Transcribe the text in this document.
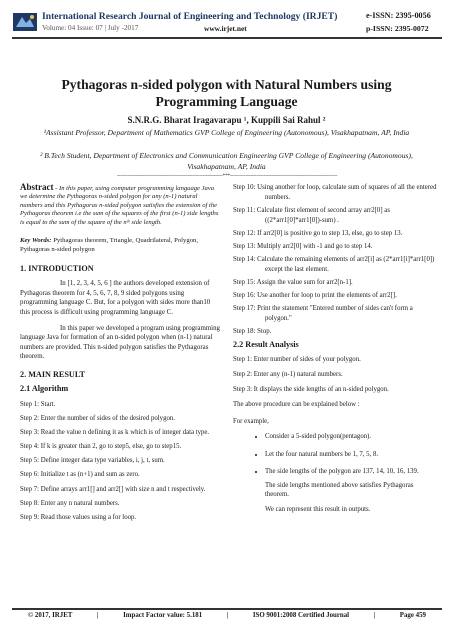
International Research Journal of Engineering and Technology (IRJET)	e-ISSN: 2395-0056
Volume: 04 Issue: 07 | July -2017	www.irjet.net	p-ISSN: 2395-0072
Pythagoras n-sided polygon with Natural Numbers using Programming Language
S.N.R.G. Bharat Iragavarapu ¹, Kuppili Sai Rahul ²
¹Assistant Professor, Department of Mathematics GVP College of Engineering (Autonomous), Visakhapatnam, AP, India
² B.Tech Student, Department of Electronics and Communication Engineering GVP College of Engineering (Autonomous), Visakhapatnam, AP, India
---------------------------------------------------------------------***----------------------------------------------------------------------
Abstract - In this paper, using computer programming language Java we determine the Pythagoras n-sided polygon for any (n-1) natural numbers and this Pythagoras n-sided polygon satisfies the extension of the Pythagoras theorem i.e the sum of the squares of the first (n-1) side lengths is equal to the sum of the square of the nᵗʰ side length.
Key Words: Pythagoras theorem, Triangle, Quadrilateral, Polygon, Pythagoras n-sided polygon
1. INTRODUCTION

In [1, 2, 3, 4, 5, 6 ] the authors developed extension of Pythagoras theorem for 4, 5, 6, 7, 8, 9 sided polygons using programming language C. But, for a polygon with sides more than10 this process is difficult using programming language C.

In this paper we developed a program using programming language Java for formation of an n-sided polygon when (n-1) natural numbers are provided. This n-sided polygon satisfies the Pythagoras theorem.

2. MAIN RESULT
2.1 Algorithm

Step 1: Start.

Step 2: Enter the number of sides of the desired polygon.

Step 3: Read the value n defining it as k which is of integer data type.

Step 4: If k is greater than 2, go to step5, else, go to step15.

Step 5: Define integer data type variables, i, j, t, sum.

Step 6: Initialize t as (n+1) and sum as zero.

Step 7: Define arrays arr1[] and arr2[] with size n and t respectively.

Step 8: Enter any n natural numbers.

Step 9: Read those values using a for loop.

Step 10: Using another for loop, calculate sum of squares of all the entered numbers.

Step 11: Calculate first element of second array arr2[0] as ((2*arr1[0]*arr1[0])-sum) .

Step 12: If arr2[0] is positive go to step 13, else, go to step 13.

Step 13: Multiply arr2[0] with -1 and go to step 14.

Step 14: Calculate the remaining elements of arr2[i] as (2*arr1[i]*arr1[0]) except the last element.

Step 15: Assign the value sum for arr2[n-1].

Step 16: Use another for loop to print the elements of arr2[].

Step 17: Print the statement "Entered number of sides can't form a polygon."

Step 18: Stop.

2.2 Result Analysis

Step 1: Enter number of sides of your polygon.

Step 2: Enter any (n-1) natural numbers.

Step 3: It displays the side lengths of an n-sided polygon.

The above procedure can be explained below :

For example,

• Consider a 5-sided polygon(pentagon).
• Let the four natural numbers be 1, 7, 5, 8.
• The side lengths of the polygon are 137, 14, 10, 16, 139.

The side lengths mentioned above satisfies Pythagoras theorem.

We can represent this result in outputs.

© 2017, IRJET	|	Impact Factor value: 5.181	|	ISO 9001:2008 Certified Journal	|	Page 459
